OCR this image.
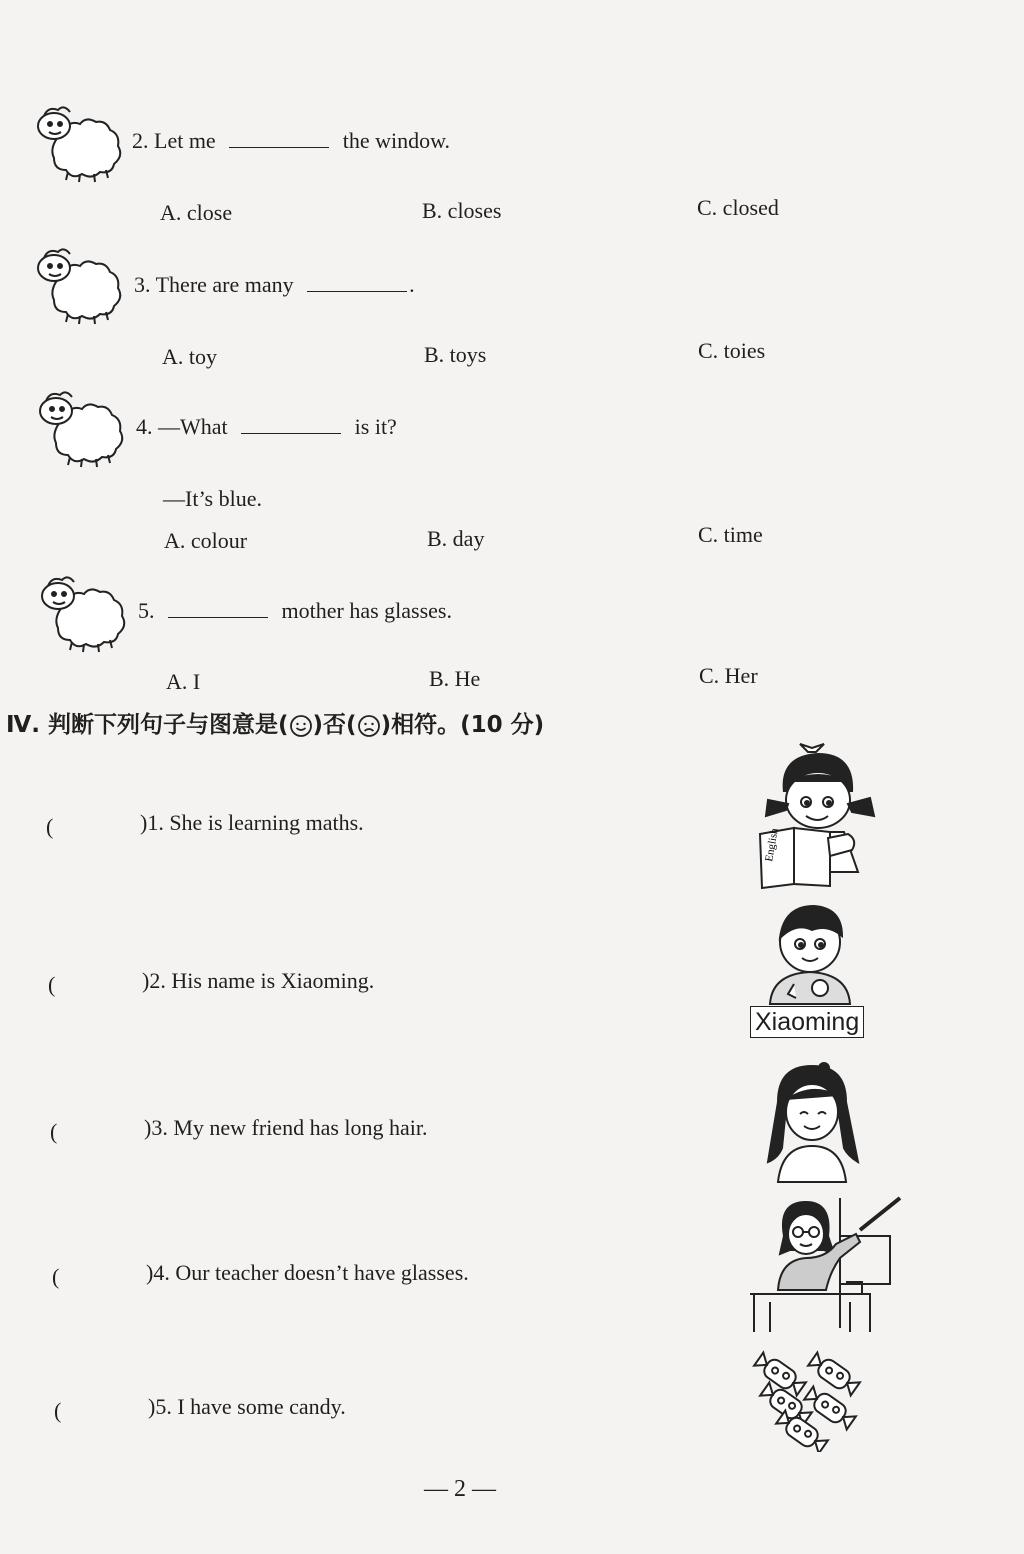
2. Let me	the window.
A. close	B. closes	C. closed
3. There are many	.
A. toy	B. toys	C. toies
4. —What	is it?
—It’s blue.
A. colour	B. day	C. time
5.	mother has glasses.
A. I	B. He	C. Her
Ⅳ. 判断下列句子与图意是( )否( )相符。(10 分)
(	)1. She is learning maths.
(	)2. His name is Xiaoming.
(	)3. My new friend has long hair.
(	)4. Our teacher doesn’t have glasses.
(	)5. I have some candy.
English
Xiaoming
— 2 —
